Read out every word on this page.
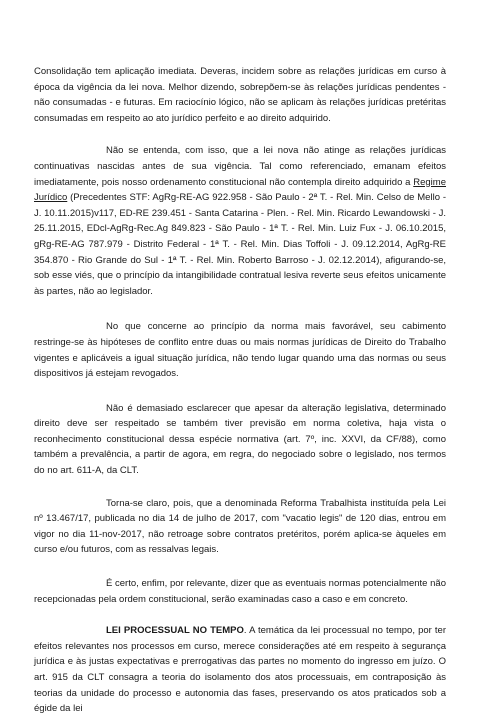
Consolidação tem aplicação imediata. Deveras, incidem sobre as relações jurídicas em curso à época da vigência da lei nova. Melhor dizendo, sobrepõem-se às relações jurídicas pendentes - não consumadas - e futuras. Em raciocínio lógico, não se aplicam às relações jurídicas pretéritas consumadas em respeito ao ato jurídico perfeito e ao direito adquirido.

Não se entenda, com isso, que a lei nova não atinge as relações jurídicas continuativas nascidas antes de sua vigência. Tal como referenciado, emanam efeitos imediatamente, pois nosso ordenamento constitucional não contempla direito adquirido a Regime Jurídico (Precedentes STF: AgRg-RE-AG 922.958 - São Paulo - 2ª T. - Rel. Min. Celso de Mello - J. 10.11.2015)v117, ED-RE 239.451 - Santa Catarina - Plen. - Rel. Min. Ricardo Lewandowski - J. 25.11.2015, EDcl-AgRg-Rec.Ag 849.823 - São Paulo - 1ª T. - Rel. Min. Luiz Fux - J. 06.10.2015, gRg-RE-AG 787.979 - Distrito Federal - 1ª T. - Rel. Min. Dias Toffoli - J. 09.12.2014, AgRg-RE 354.870 - Rio Grande do Sul - 1ª T. - Rel. Min. Roberto Barroso - J. 02.12.2014), afigurando-se, sob esse viés, que o princípio da intangibilidade contratual lesiva reverte seus efeitos unicamente às partes, não ao legislador.

No que concerne ao princípio da norma mais favorável, seu cabimento restringe-se às hipóteses de conflito entre duas ou mais normas jurídicas de Direito do Trabalho vigentes e aplicáveis a igual situação jurídica, não tendo lugar quando uma das normas ou seus dispositivos já estejam revogados.

Não é demasiado esclarecer que apesar da alteração legislativa, determinado direito deve ser respeitado se também tiver previsão em norma coletiva, haja vista o reconhecimento constitucional dessa espécie normativa (art. 7º, inc. XXVI, da CF/88), como também a prevalência, a partir de agora, em regra, do negociado sobre o legislado, nos termos do no art. 611-A, da CLT.

Torna-se claro, pois, que a denominada Reforma Trabalhista instituída pela Lei nº 13.467/17, publicada no dia 14 de julho de 2017, com "vacatio legis" de 120 dias, entrou em vigor no dia 11-nov-2017, não retroage sobre contratos pretéritos, porém aplica-se àqueles em curso e/ou futuros, com as ressalvas legais.

É certo, enfim, por relevante, dizer que as eventuais normas potencialmente não recepcionadas pela ordem constitucional, serão examinadas caso a caso e em concreto.

LEI PROCESSUAL NO TEMPO. A temática da lei processual no tempo, por ter efeitos relevantes nos processos em curso, merece considerações até em respeito à segurança jurídica e às justas expectativas e prerrogativas das partes no momento do ingresso em juízo. O art. 915 da CLT consagra a teoria do isolamento dos atos processuais, em contraposição às teorias da unidade do processo e autonomia das fases, preservando os atos praticados sob a égide da lei
